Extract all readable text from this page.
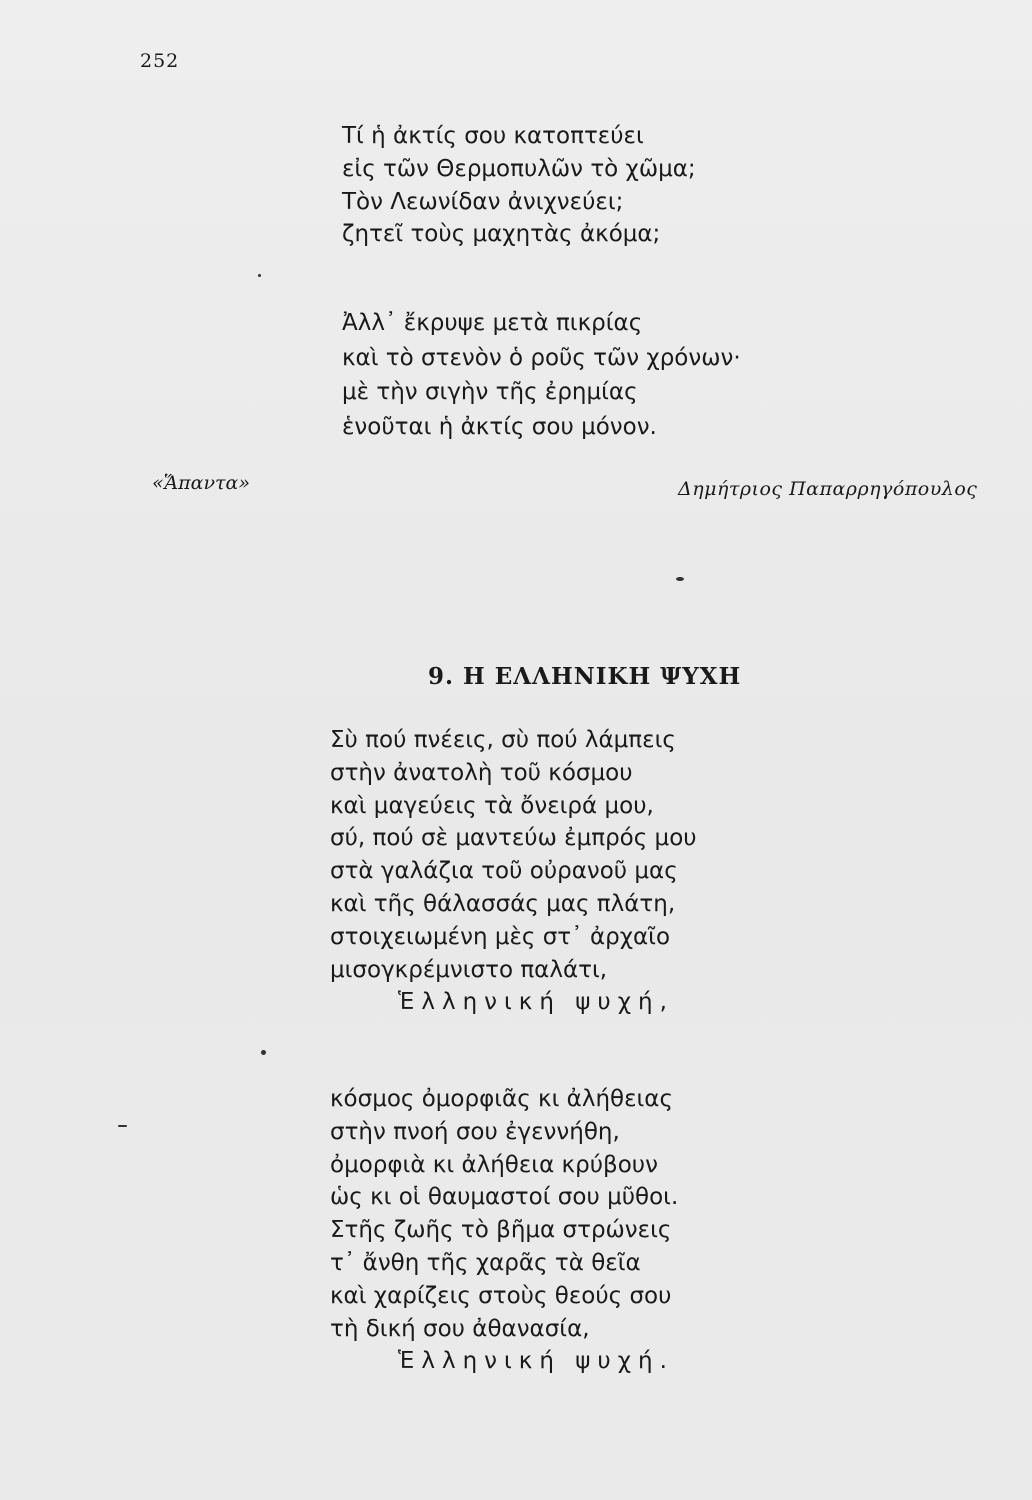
252
Τί ἡ ἀκτίς σου κατοπτεύει
εἰς τῶν Θερμοπυλῶν τὸ χῶμα;
Τὸν Λεωνίδαν ἀνιχνεύει;
ζητεῖ τοὺς μαχητὰς ἀκόμα;
Ἀλλ᾽ ἔκρυψε μετὰ πικρίας
καὶ τὸ στενὸν ὁ ροῦς τῶν χρόνων·
μὲ τὴν σιγὴν τῆς ἐρημίας
ἑνοῦται ἡ ἀκτίς σου μόνον.
«Ἅπαντα»	Δημήτριος Παπαρρηγόπουλος
9. Η ΕΛΛΗΝΙΚΗ ΨΥΧΗ
Σὺ πού πνέεις, σὺ πού λάμπεις
στὴν ἀνατολὴ τοῦ κόσμου
καὶ μαγεύεις τὰ ὄνειρά μου,
σύ, πού σὲ μαντεύω ἐμπρός μου
στὰ γαλάζια τοῦ οὐρανοῦ μας
καὶ τῆς θάλασσάς μας πλάτη,
στοιχειωμένη μὲς στ᾽ ἀρχαῖο
μισογκρέμνιστο παλάτι,
Ἑλληνική ψυχή,
κόσμος ὀμορφιᾶς κι ἀλήθειας
στὴν πνοή σου ἐγεννήθη,
ὀμορφιὰ κι ἀλήθεια κρύβουν
ὡς κι οἱ θαυμαστοί σου μῦθοι.
Στῆς ζωῆς τὸ βῆμα στρώνεις
τ᾽ ἄνθη τῆς χαρᾶς τὰ θεῖα
καὶ χαρίζεις στοὺς θεούς σου
τὴ δική σου ἀθανασία,
Ἑλληνική ψυχή.
